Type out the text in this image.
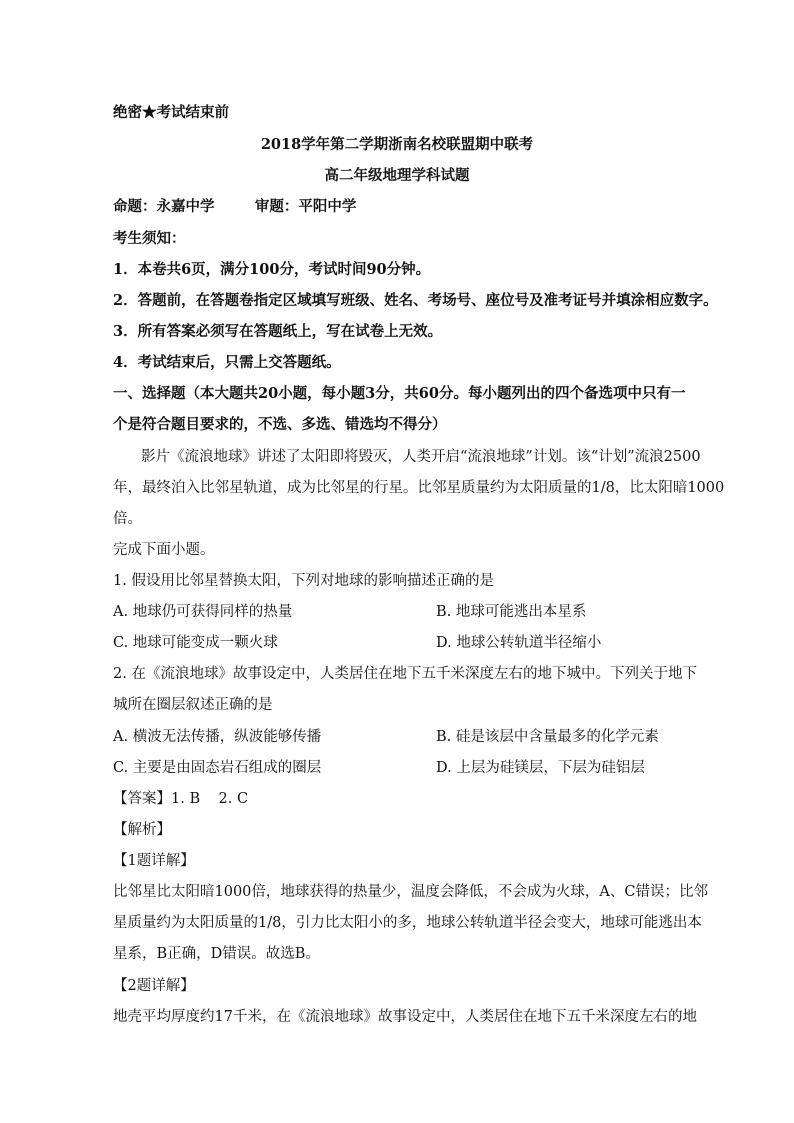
绝密★考试结束前
2018学年第二学期浙南名校联盟期中联考
高二年级地理学科试题
命题：永嘉中学        审题：平阳中学
考生须知：
1．本卷共6页，满分100分，考试时间90分钟。
2．答题前，在答题卷指定区域填写班级、姓名、考场号、座位号及准考证号并填涂相应数字。
3．所有答案必须写在答题纸上，写在试卷上无效。
4．考试结束后，只需上交答题纸。
一、选择题（本大题共20小题，每小题3分，共60分。每小题列出的四个备选项中只有一
个是符合题目要求的，不选、多选、错选均不得分）
影片《流浪地球》讲述了太阳即将毁灭，人类开启“流浪地球”计划。该“计划”流浪2500
年，最终泊入比邻星轨道，成为比邻星的行星。比邻星质量约为太阳质量的1/8，比太阳暗1000
倍。
完成下面小题。
1. 假设用比邻星替换太阳，下列对地球的影响描述正确的是
A. 地球仍可获得同样的热量	B. 地球可能逃出本星系
C. 地球可能变成一颗火球	D. 地球公转轨道半径缩小
2. 在《流浪地球》故事设定中，人类居住在地下五千米深度左右的地下城中。下列关于地下
城所在圈层叙述正确的是
A. 横波无法传播，纵波能够传播	B. 硅是该层中含量最多的化学元素
C. 主要是由固态岩石组成的圈层	D. 上层为硅镁层，下层为硅铝层
【答案】1. B    2. C
【解析】
【1题详解】
比邻星比太阳暗1000倍，地球获得的热量少，温度会降低，不会成为火球，A、C错误；比邻
星质量约为太阳质量的1/8，引力比太阳小的多，地球公转轨道半径会变大，地球可能逃出本
星系，B正确，D错误。故选B。
【2题详解】
地壳平均厚度约17千米，在《流浪地球》故事设定中，人类居住在地下五千米深度左右的地
